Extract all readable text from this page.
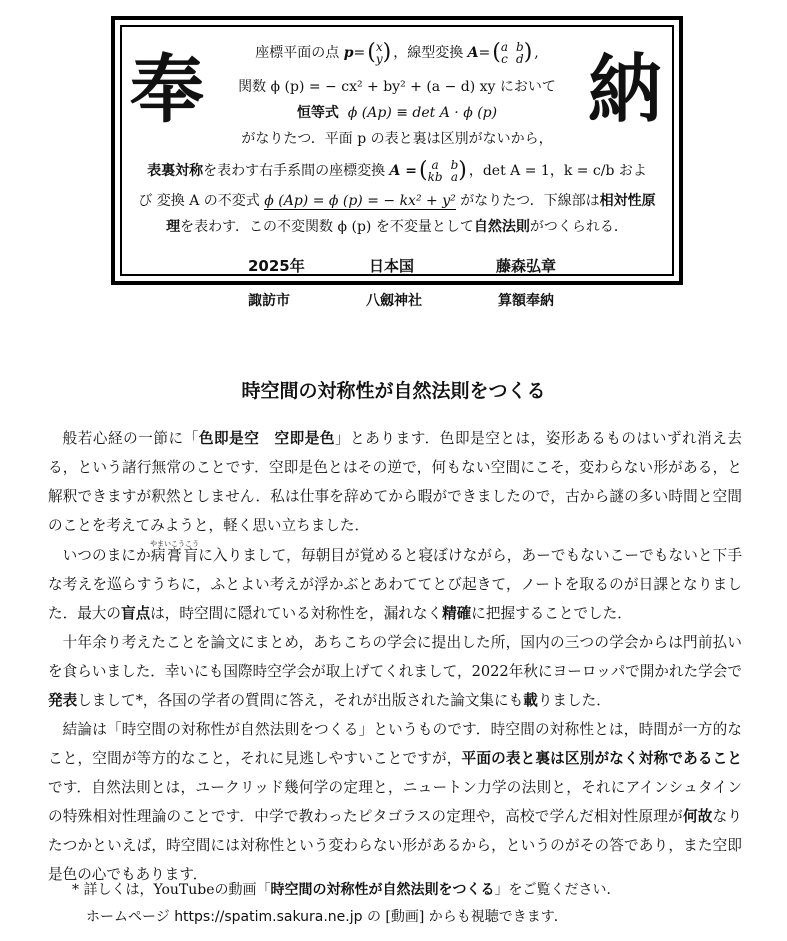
奉	納
座標平面の点 p=( x
y ) ，線型変換 A=( a b
c d ) ,
関数 ϕ (p) = − cx² + by² + (a − d) xy において
恒等式 ϕ (Ap) ≡ det A · ϕ (p)
がなりたつ．平面 p の表と裏は区別がないから，
表裏対称を表わす右手系間の座標変換 A =( a b
kb a ) ，det A = 1，k = c/b およ
び 変換 A の不変式 ϕ (Ap) = ϕ (p) = − kx² + y² がなりたつ．下線部は相対性原
理を表わす．この不変関数 ϕ (p) を不変量として自然法則がつくられる．
2025年	日本国	藤森弘章
諏訪市	八劔神社	算額奉納
時空間の対称性が自然法則をつくる

般若心経の一節に「色即是空　空即是色」とあります．色即是空とは，姿形あるものはいずれ消え去る，という諸行無常のことです．空即是色とはその逆で，何もない空間にこそ，変わらない形がある，と解釈できますが釈然としません．私は仕事を辞めてから暇ができましたので，古から謎の多い時間と空間のことを考えてみようと，軽く思い立ちました．

いつのまにか病膏肓やまいこうこうに入りまして，毎朝目が覚めると寝ぼけながら，あーでもないこーでもないと下手な考えを巡らすうちに，ふとよい考えが浮かぶとあわててとび起きて，ノートを取るのが日課となりました．最大の盲点は，時空間に隠れている対称性を，漏れなく精確に把握することでした．

十年余り考えたことを論文にまとめ，あちこちの学会に提出した所，国内の三つの学会からは門前払いを食らいました．幸いにも国際時空学会が取上げてくれまして，2022年秋にヨーロッパで開かれた学会で発表しまして*，各国の学者の質問に答え，それが出版された論文集にも載りました．

結論は「時空間の対称性が自然法則をつくる」というものです．時空間の対称性とは，時間が一方的なこと，空間が等方的なこと，それに見逃しやすいことですが，平面の表と裏は区別がなく対称であることです．自然法則とは，ユークリッド幾何学の定理と，ニュートン力学の法則と，それにアインシュタインの特殊相対性理論のことです．中学で教わったピタゴラスの定理や，高校で学んだ相対性原理が何故なりたつかといえば，時空間には対称性という変わらない形があるから，というのがその答であり，また空即是色の心でもあります．

* 詳しくは，YouTubeの動画「時空間の対称性が自然法則をつくる」をご覧ください．
ホームページ https://spatim.sakura.ne.jp の [動画] からも視聴できます．
